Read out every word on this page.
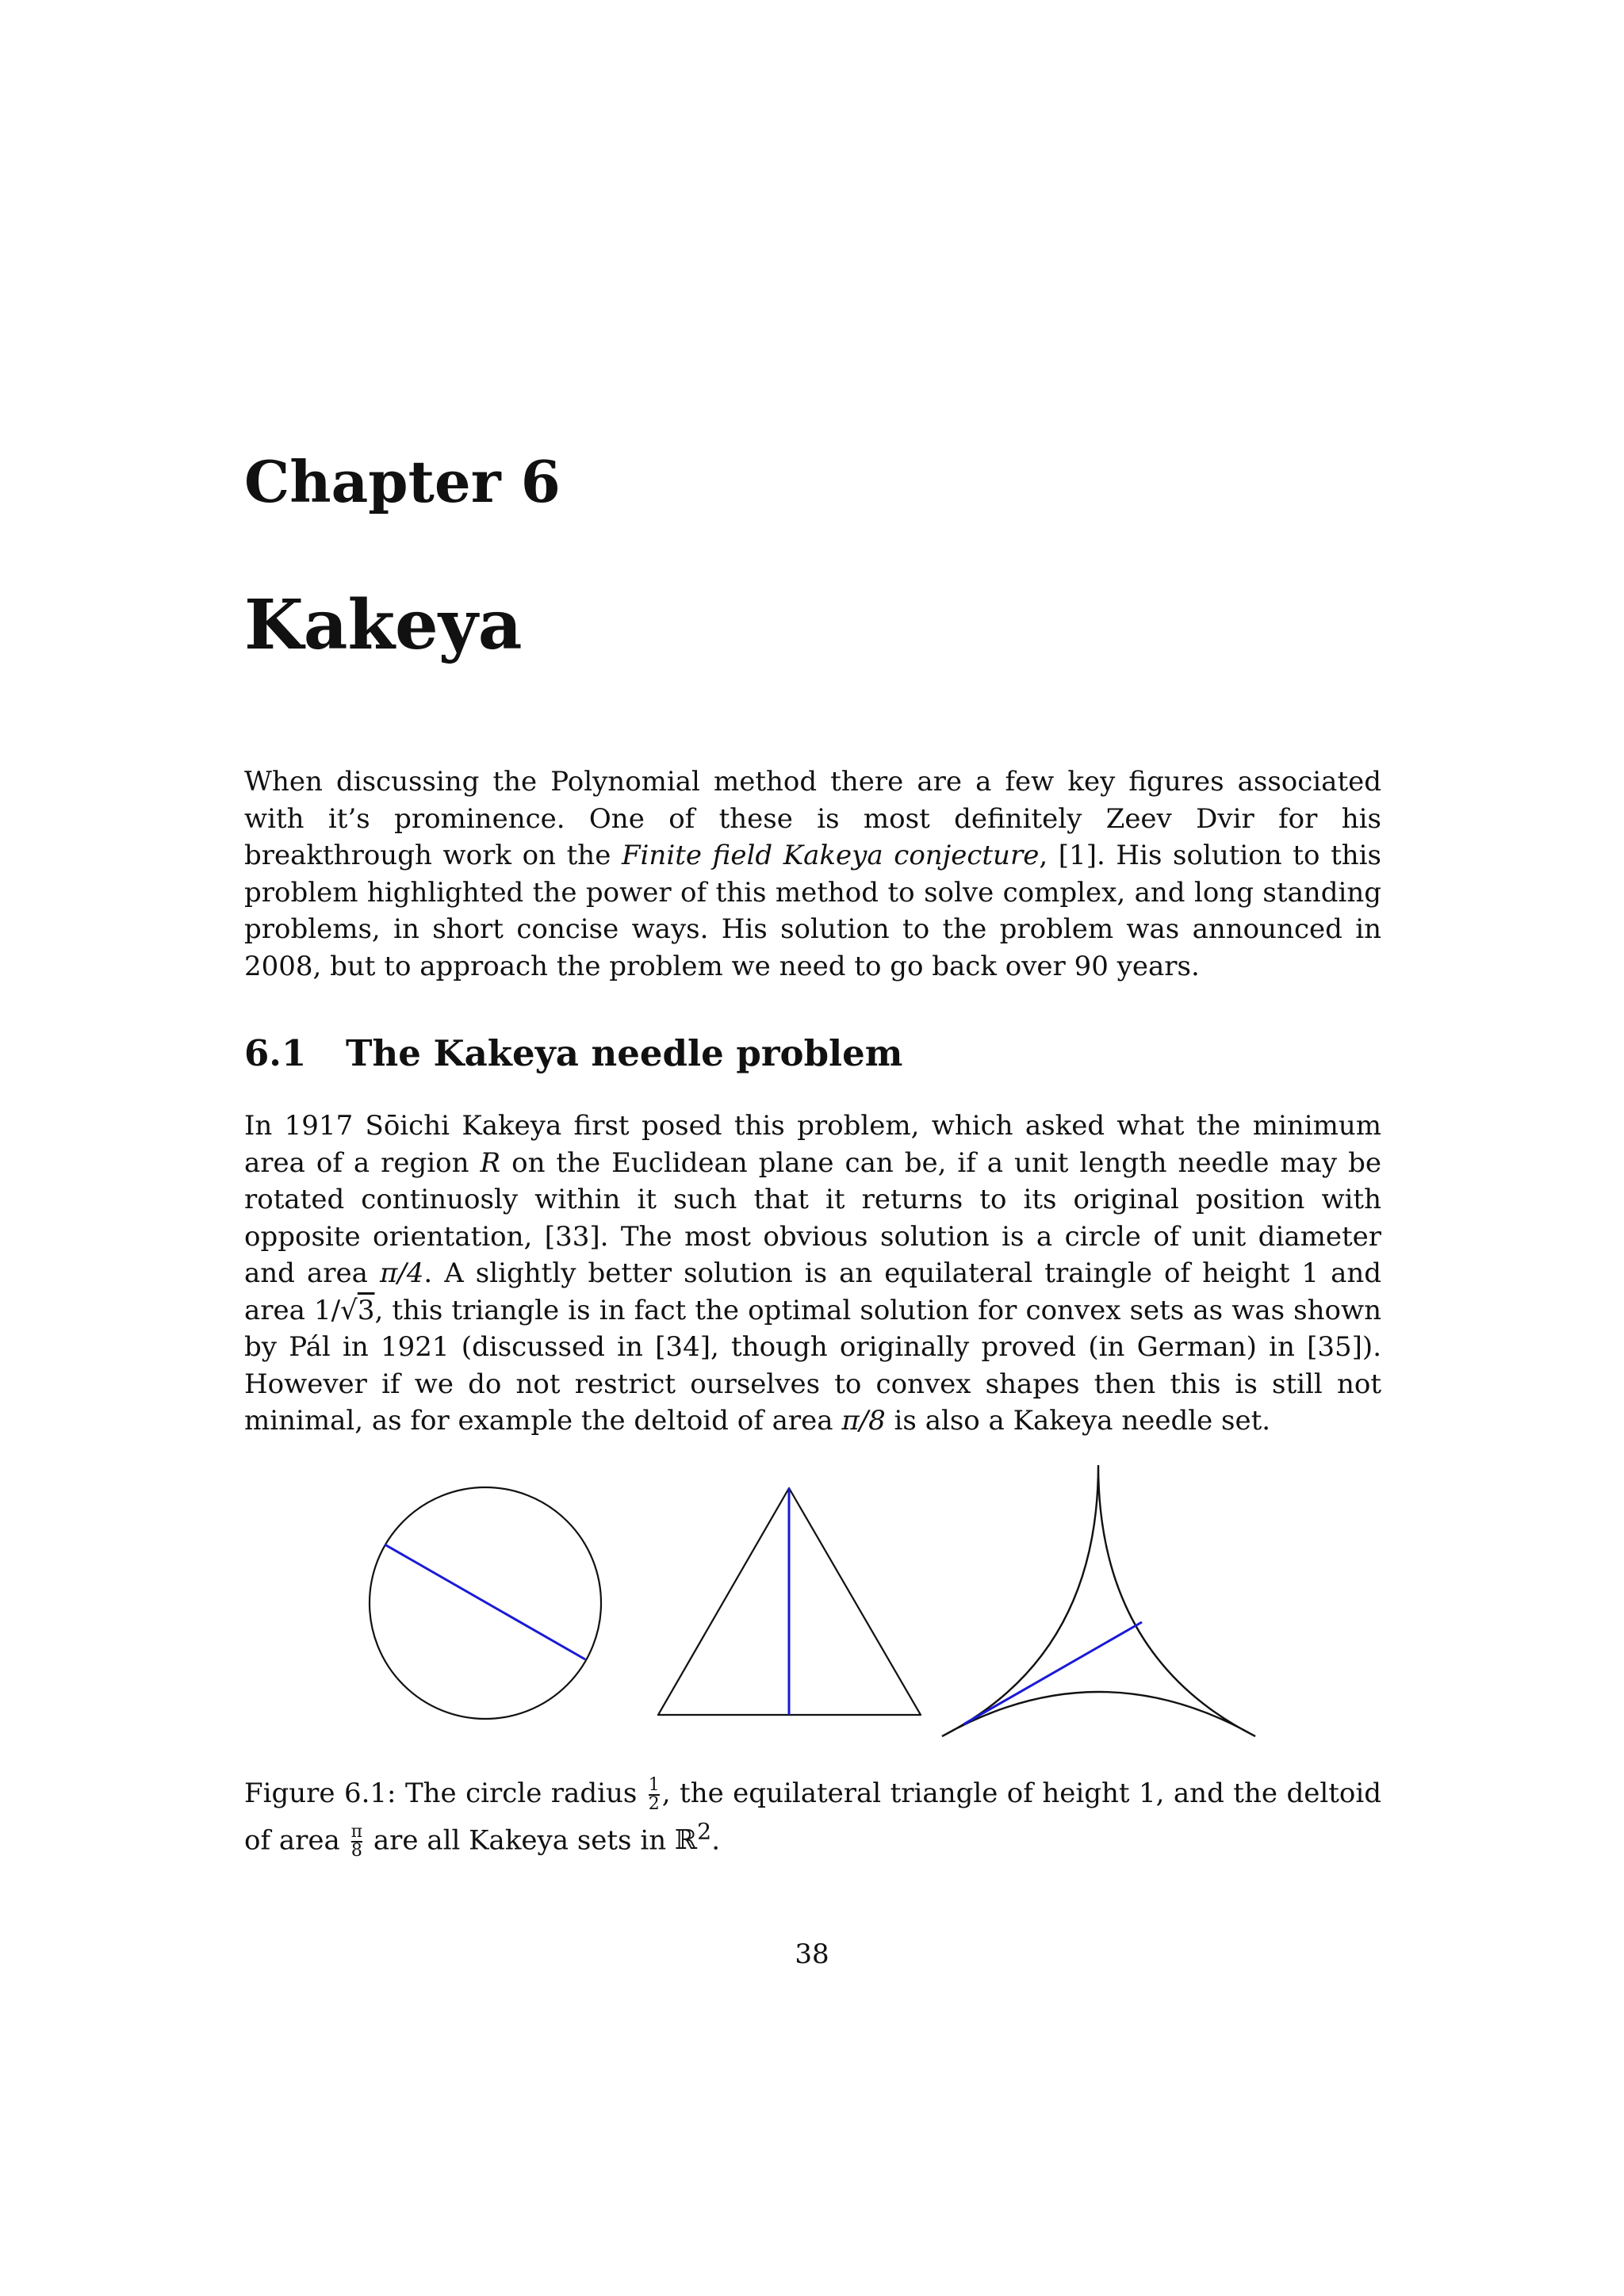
Chapter 6
Kakeya

When discussing the Polynomial method there are a few key figures associated with it’s prominence. One of these is most definitely Zeev Dvir for his breakthrough work on the Finite field Kakeya conjecture, [1]. His solution to this problem highlighted the power of this method to solve complex, and long standing problems, in short concise ways. His solution to the problem was announced in 2008, but to approach the problem we need to go back over 90 years.

6.1 The Kakeya needle problem

In 1917 Sōichi Kakeya first posed this problem, which asked what the minimum area of a region R on the Euclidean plane can be, if a unit length needle may be rotated continuosly within it such that it returns to its original position with opposite orientation, [33]. The most obvious solution is a circle of unit diameter and area π/4. A slightly better solution is an equilateral traingle of height 1 and area 1/√3, this triangle is in fact the optimal solution for convex sets as was shown by Pál in 1921 (discussed in [34], though originally proved (in German) in [35]). However if we do not restrict ourselves to convex shapes then this is still not minimal, as for example the deltoid of area π/8 is also a Kakeya needle set.

Figure 6.1: The circle radius $\frac{1}{2}$ , the equilateral triangle of height 1, and the deltoid of area $\frac{\pi}{8}$ are all Kakeya sets in ℝ$^2$.

38
